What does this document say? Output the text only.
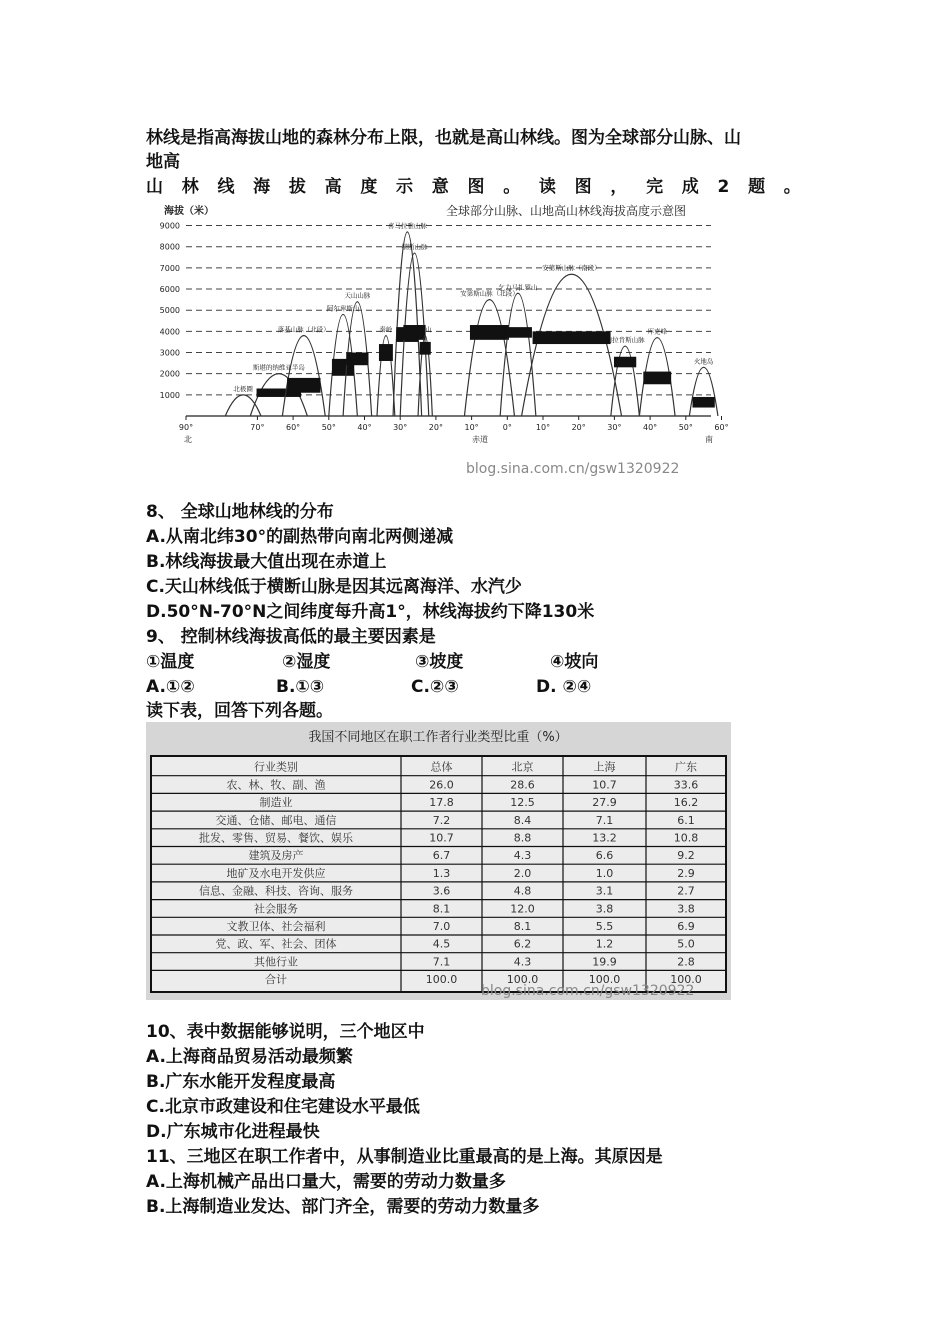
林线是指高海拔山地的森林分布上限，也就是高山林线。图为全球部分山脉、山
地高
山 林 线 海 拔 高 度 示 意 图 。 读 图 ， 完 成 2 题 。
海拔（米）	全球部分山脉、山地高山林线海拔高度示意图
9000
8000
7000
6000
5000
4000
3000
2000
1000
北极圈
斯堪的纳维亚半岛
落基山脉（北段）
阿尔卑斯山
天山山脉
秦岭
喜马拉雅山脉
横断山脉
玉山
安第斯山脉（北段）
乞力马扎罗山
安第斯山脉（南段）
德拉肯斯山脉
库克峰
火地岛
90°	70°	60°	50°	40°	30°	20°	10°	0°	10°	20°	30°	40°	50°	60°
北	赤道	南
blog.sina.com.cn/gsw1320922
8、 全球山地林线的分布
A.从南北纬30°的副热带向南北两侧递减
B.林线海拔最大值出现在赤道上
C.天山林线低于横断山脉是因其远离海洋、水汽少
D.50°N-70°N之间纬度每升高1°，林线海拔约下降130米
9、 控制林线海拔高低的最主要因素是
①温度	②湿度	③坡度	④坡向
A.①②	B.①③	C.②③	D. ②④
读下表，回答下列各题。
我国不同地区在职工作者行业类型比重（%）
行业类别	总体	北京	上海	广东
农、林、牧、副、渔	26.0	28.6	10.7	33.6
制造业	17.8	12.5	27.9	16.2
交通、仓储、邮电、通信	7.2	8.4	7.1	6.1
批发、零售、贸易、餐饮、娱乐	10.7	8.8	13.2	10.8
建筑及房产	6.7	4.3	6.6	9.2
地矿及水电开发供应	1.3	2.0	1.0	2.9
信息、金融、科技、咨询、服务	3.6	4.8	3.1	2.7
社会服务	8.1	12.0	3.8	3.8
文教卫体、社会福利	7.0	8.1	5.5	6.9
党、政、军、社会、团体	4.5	6.2	1.2	5.0
其他行业	7.1	4.3	19.9	2.8
合计	100.0	100.0	100.0	100.0
blog.sina.com.cn/gsw1320922
10、表中数据能够说明，三个地区中
A.上海商品贸易活动最频繁
B.广东水能开发程度最高
C.北京市政建设和住宅建设水平最低
D.广东城市化进程最快
11、三地区在职工作者中，从事制造业比重最高的是上海。其原因是
A.上海机械产品出口量大，需要的劳动力数量多
B.上海制造业发达、部门齐全，需要的劳动力数量多
